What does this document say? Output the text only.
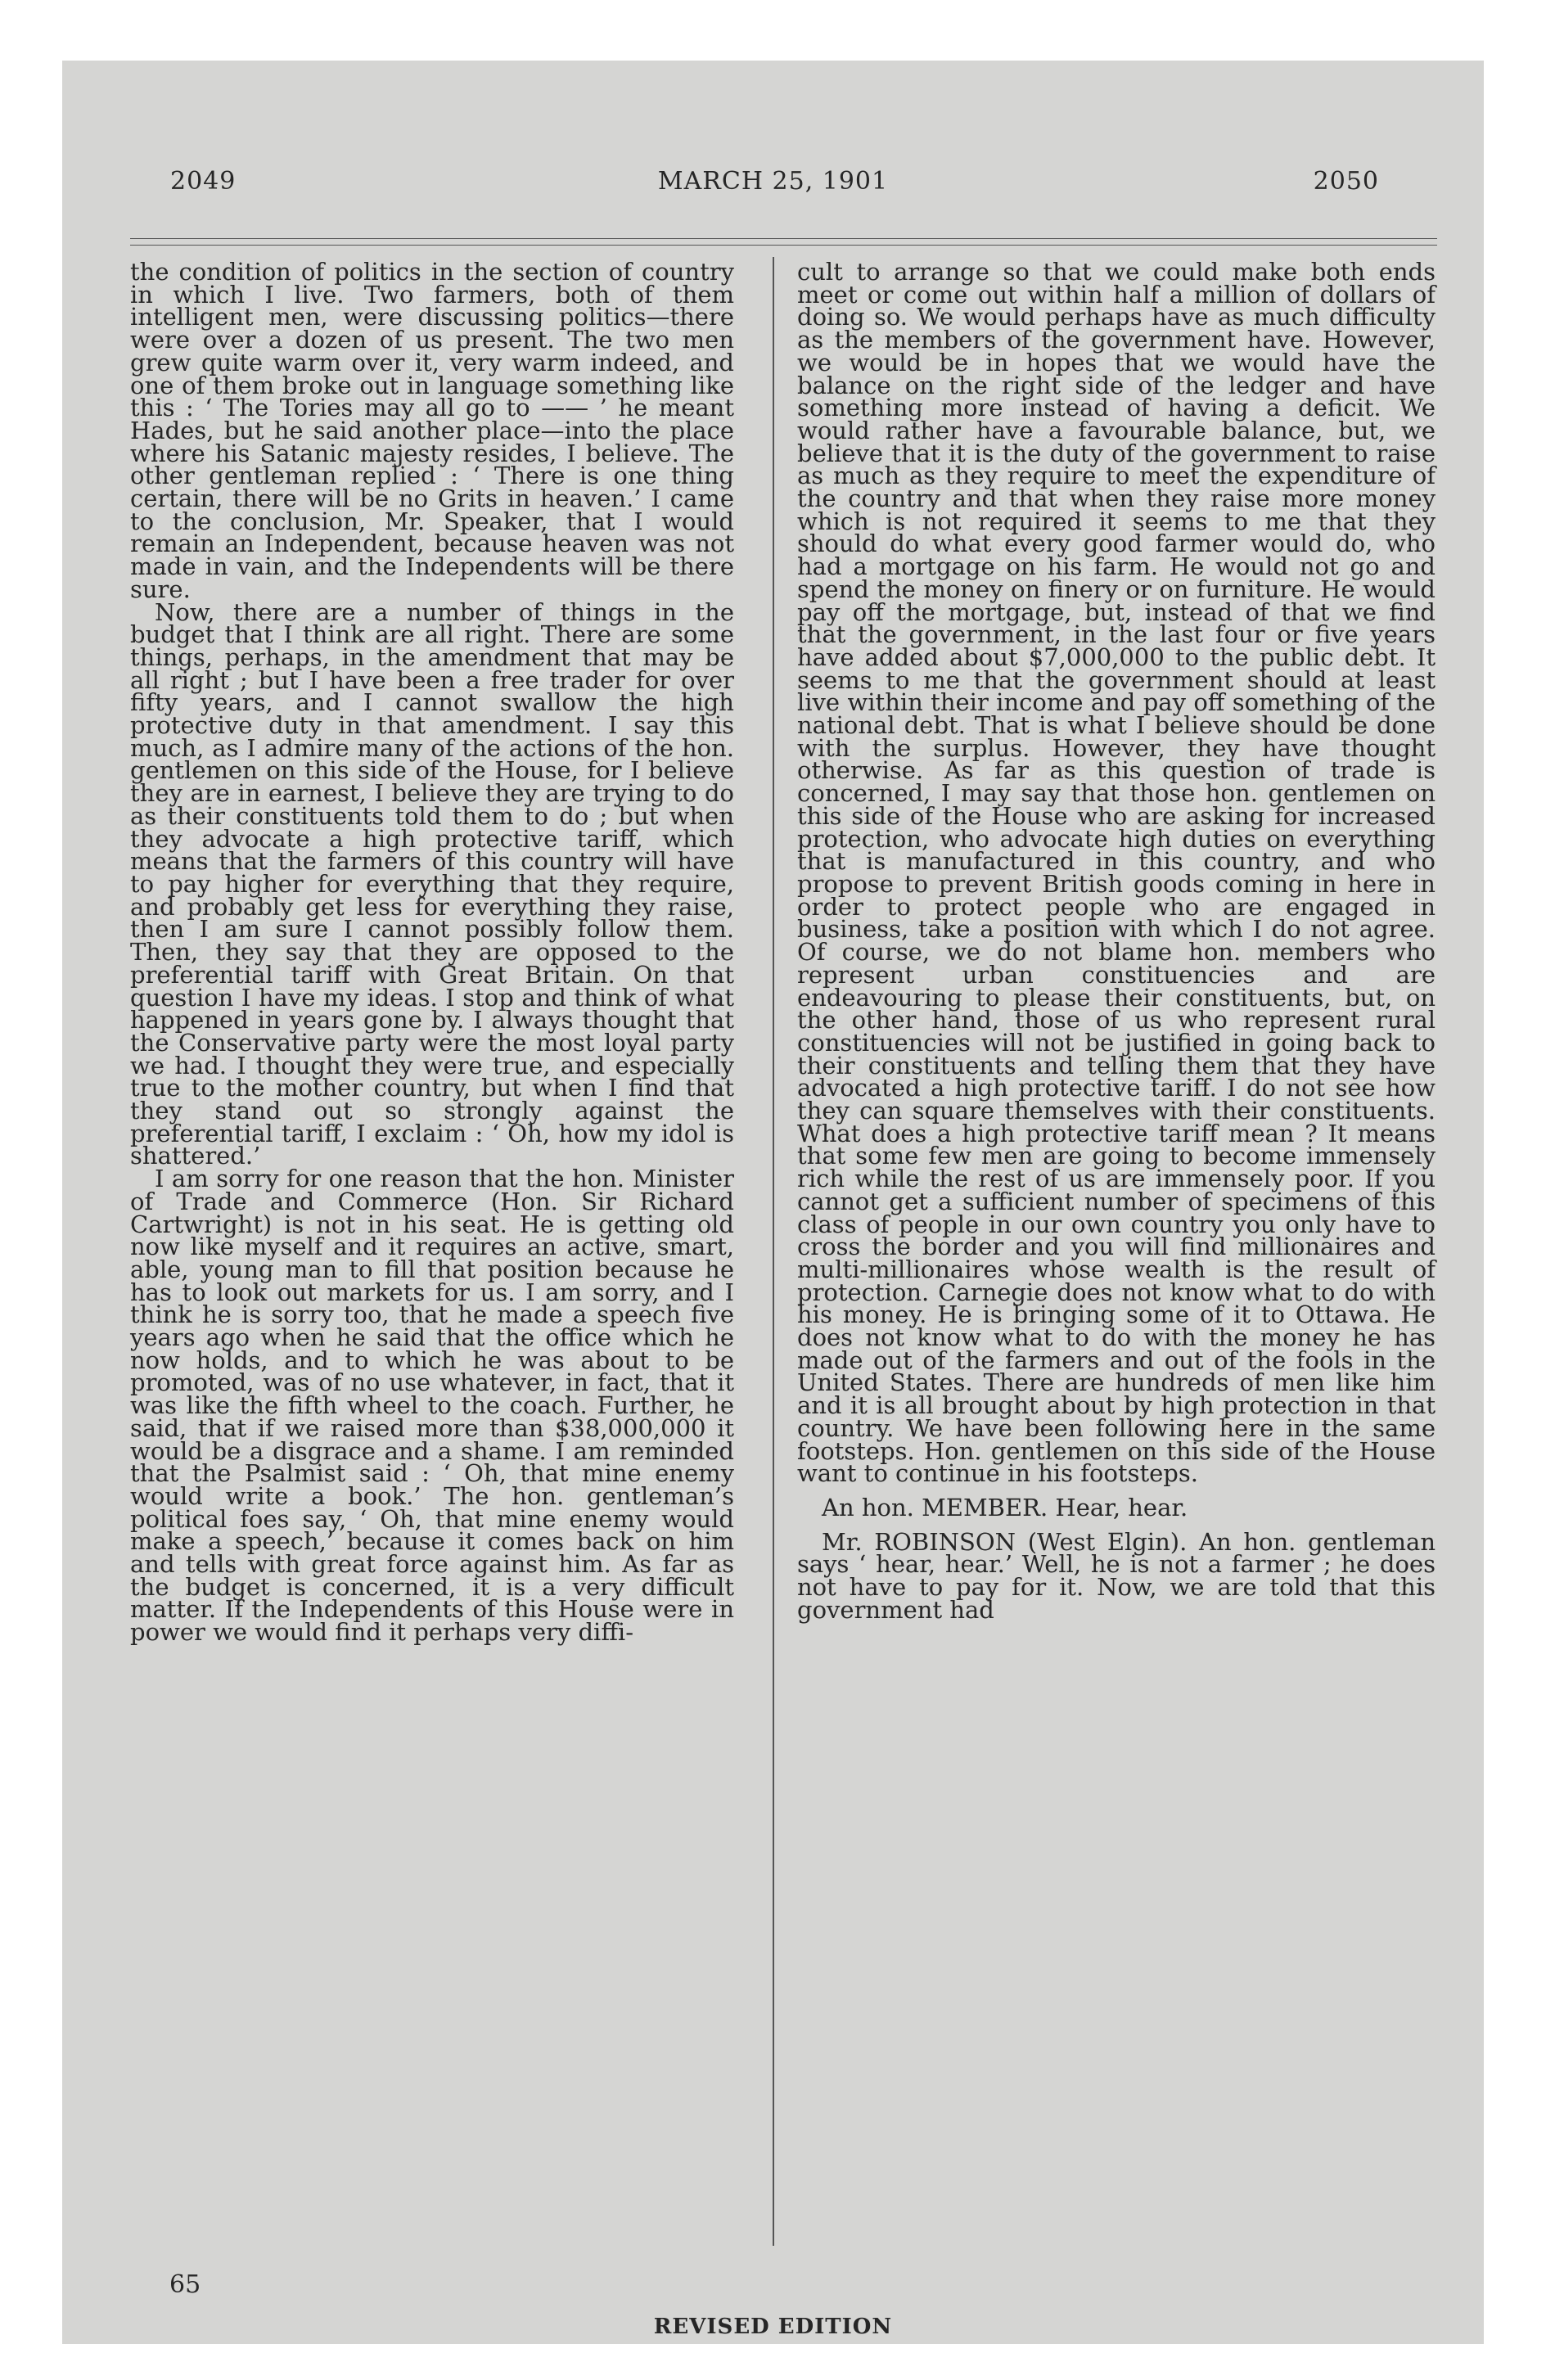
2049	MARCH 25, 1901	2050

the condition of politics in the section of country in which I live. Two farmers, both of them intelligent men, were discussing politics—there were over a dozen of us present. The two men grew quite warm over it, very warm indeed, and one of them broke out in language something like this : ‘ The Tories may all go to —— ’ he meant Hades, but he said another place—into the place where his Satanic majesty resides, I believe. The other gentleman replied : ‘ There is one thing certain, there will be no Grits in heaven.’ I came to the conclusion, Mr. Speaker, that I would remain an Independent, because heaven was not made in vain, and the Independents will be there sure.

Now, there are a number of things in the budget that I think are all right. There are some things, perhaps, in the amendment that may be all right ; but I have been a free trader for over fifty years, and I cannot swallow the high protective duty in that amendment. I say this much, as I admire many of the actions of the hon. gentlemen on this side of the House, for I believe they are in earnest, I believe they are trying to do as their constituents told them to do ; but when they advocate a high protective tariff, which means that the farmers of this country will have to pay higher for everything that they require, and probably get less for everything they raise, then I am sure I cannot possibly follow them. Then, they say that they are opposed to the preferential tariff with Great Britain. On that question I have my ideas. I stop and think of what happened in years gone by. I always thought that the Conservative party were the most loyal party we had. I thought they were true, and especially true to the mother country, but when I find that they stand out so strongly against the preferential tariff, I exclaim : ‘ Oh, how my idol is shattered.’

I am sorry for one reason that the hon. Minister of Trade and Commerce (Hon. Sir Richard Cartwright) is not in his seat. He is getting old now like myself and it requires an active, smart, able, young man to fill that position because he has to look out markets for us. I am sorry, and I think he is sorry too, that he made a speech five years ago when he said that the office which he now holds, and to which he was about to be promoted, was of no use whatever, in fact, that it was like the fifth wheel to the coach. Further, he said, that if we raised more than $38,000,000 it would be a disgrace and a shame. I am reminded that the Psalmist said : ‘ Oh, that mine enemy would write a book.’ The hon. gentleman’s political foes say, ‘ Oh, that mine enemy would make a speech,’ because it comes back on him and tells with great force against him. As far as the budget is concerned, it is a very difficult matter. If the Independents of this House were in power we would find it perhaps very diffi-

cult to arrange so that we could make both ends meet or come out within half a million of dollars of doing so. We would perhaps have as much difficulty as the members of the government have. However, we would be in hopes that we would have the balance on the right side of the ledger and have something more instead of having a deficit. We would rather have a favourable balance, but, we believe that it is the duty of the government to raise as much as they require to meet the expenditure of the country and that when they raise more money which is not required it seems to me that they should do what every good farmer would do, who had a mortgage on his farm. He would not go and spend the money on finery or on furniture. He would pay off the mortgage, but, instead of that we find that the government, in the last four or five years have added about $7,000,000 to the public debt. It seems to me that the government should at least live within their income and pay off something of the national debt. That is what I believe should be done with the surplus. However, they have thought otherwise. As far as this question of trade is concerned, I may say that those hon. gentlemen on this side of the House who are asking for increased protection, who advocate high duties on everything that is manufactured in this country, and who propose to prevent British goods coming in here in order to protect people who are engaged in business, take a position with which I do not agree. Of course, we do not blame hon. members who represent urban constituencies and are endeavouring to please their constituents, but, on the other hand, those of us who represent rural constituencies will not be justified in going back to their constituents and telling them that they have advocated a high protective tariff. I do not see how they can square themselves with their constituents. What does a high protective tariff mean ? It means that some few men are going to become immensely rich while the rest of us are immensely poor. If you cannot get a sufficient number of specimens of this class of people in our own country you only have to cross the border and you will find millionaires and multi-millionaires whose wealth is the result of protection. Carnegie does not know what to do with his money. He is bringing some of it to Ottawa. He does not know what to do with the money he has made out of the farmers and out of the fools in the United States. There are hundreds of men like him and it is all brought about by high protection in that country. We have been following here in the same footsteps. Hon. gentlemen on this side of the House want to continue in his footsteps.

An hon. MEMBER. Hear, hear.

Mr. ROBINSON (West Elgin). An hon. gentleman says ‘ hear, hear.’ Well, he is not a farmer ; he does not have to pay for it. Now, we are told that this government had

65
REVISED EDITION
